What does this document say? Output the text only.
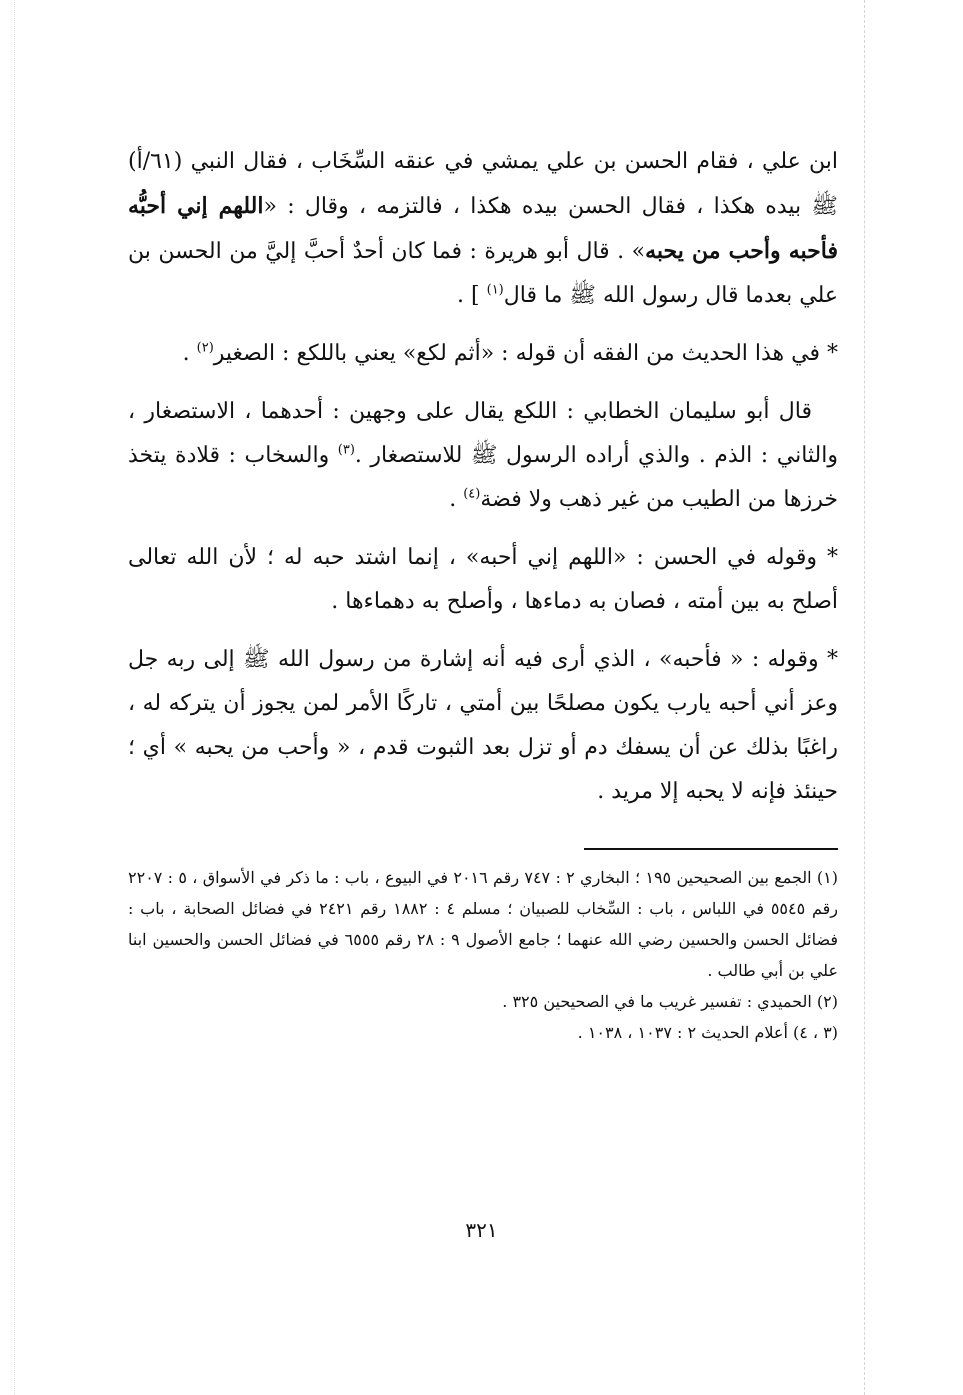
ابن علي ، فقام الحسن بن علي يمشي في عنقه السِّخَاب ، فقال النبي (٦١/أ) ﷺ بيده هكذا ، فقال الحسن بيده هكذا ، فالتزمه ، وقال : «اللهم إني أحبُّه فأحبه وأحب من يحبه» . قال أبو هريرة : فما كان أحدٌ أحبَّ إليَّ من الحسن بن علي بعدما قال رسول الله ﷺ ما قال$^{(١)}$ ] .

* في هذا الحديث من الفقه أن قوله : «أثم لكع» يعني باللكع : الصغير$^{(٢)}$ .

قال أبو سليمان الخطابي : اللكع يقال على وجهين : أحدهما ، الاستصغار ، والثاني : الذم . والذي أراده الرسول ﷺ للاستصغار .$^{(٣)}$ والسخاب : قلادة يتخذ خرزها من الطيب من غير ذهب ولا فضة$^{(٤)}$ .

* وقوله في الحسن : «اللهم إني أحبه» ، إنما اشتد حبه له ؛ لأن الله تعالى أصلح به بين أمته ، فصان به دماءها ، وأصلح به دهماءها .

* وقوله : « فأحبه» ، الذي أرى فيه أنه إشارة من رسول الله ﷺ إلى ربه جل وعز أني أحبه يارب يكون مصلحًا بين أمتي ، تاركًا الأمر لمن يجوز أن يتركه له ، راغبًا بذلك عن أن يسفك دم أو تزل بعد الثبوت قدم ، « وأحب من يحبه » أي ؛ حينئذ فإنه لا يحبه إلا مريد .

(١) الجمع بين الصحيحين ١٩٥ ؛ البخاري ٢ : ٧٤٧ رقم ٢٠١٦ في البيوع ، باب : ما ذكر في الأسواق ، ٥ : ٢٢٠٧ رقم ٥٥٤٥ في اللباس ، باب : السِّخاب للصبيان ؛ مسلم ٤ : ١٨٨٢ رقم ٢٤٢١ في فضائل الصحابة ، باب : فضائل الحسن والحسين رضي الله عنهما ؛ جامع الأصول ٩ : ٢٨ رقم ٦٥٥٥ في فضائل الحسن والحسين ابنا علي بن أبي طالب .

(٢) الحميدي : تفسير غريب ما في الصحيحين ٣٢٥ .

(٣ ، ٤) أعلام الحديث ٢ : ١٠٣٧ ، ١٠٣٨ .

٣٢١
